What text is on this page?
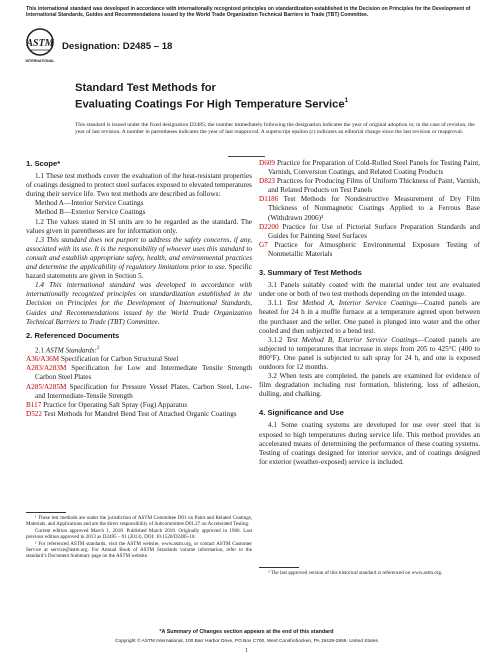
This international standard was developed in accordance with internationally recognized principles on standardization established in the Decision on Principles for the Development of International Standards, Guides and Recommendations issued by the World Trade Organization Technical Barriers to Trade (TBT) Committee.
ASTM
INTERNATIONAL
Designation: D2485 – 18
Standard Test Methods for
Evaluating Coatings For High Temperature Service$^1$
This standard is issued under the fixed designation D2485; the number immediately following the designation indicates the year of original adoption or, in the case of revision, the year of last revision. A number in parentheses indicates the year of last reapproval. A superscript epsilon (ε) indicates an editorial change since the last revision or reapproval.
1. Scope*

1.1 These test methods cover the evaluation of the heat-resistant properties of coatings designed to protect steel surfaces exposed to elevated temperatures during their service life. Two test methods are described as follows:

Method A—Interior Service Coatings

Method B—Exterior Service Coatings

1.2 The values stated in SI units are to be regarded as the standard. The values given in parentheses are for information only.

1.3 This standard does not purport to address the safety concerns, if any, associated with its use. It is the responsibility of whoever uses this standard to consult and establish appropriate safety, health, and environmental practices and determine the applicability of regulatory limitations prior to use. Specific hazard statements are given in Section 5.

1.4 This international standard was developed in accordance with internationally recognized principles on standardization established in the Decision on Principles for the Development of International Standards, Guides and Recommendations issued by the World Trade Organization Technical Barriers to Trade (TBT) Committee.

2. Referenced Documents

2.1 ASTM Standards:$^2$

A36/A36M Specification for Carbon Structural Steel

A283/A283M Specification for Low and Intermediate Tensile Strength Carbon Steel Plates

A285/A285M Specification for Pressure Vessel Plates, Carbon Steel, Low- and Intermediate-Tensile Strength

B117 Practice for Operating Salt Spray (Fog) Apparatus

D522 Test Methods for Mandrel Bend Test of Attached Organic Coatings

¹ These test methods are under the jurisdiction of ASTM Committee D01 on Paint and Related Coatings, Materials, and Applications and are the direct responsibility of Subcommittee D01.27 on Accelerated Testing.

Current edition approved March 1, 2018. Published March 2018. Originally approved in 1966. Last previous edition approved in 2013 as D2485 – 91 (2013). DOI: 10.1520/D2485-18.

² For referenced ASTM standards, visit the ASTM website, www.astm.org, or contact ASTM Customer Service at service@astm.org. For Annual Book of ASTM Standards volume information, refer to the standard’s Document Summary page on the ASTM website.

D609 Practice for Preparation of Cold-Rolled Steel Panels for Testing Paint, Varnish, Conversion Coatings, and Related Coating Products

D823 Practices for Producing Films of Uniform Thickness of Paint, Varnish, and Related Products on Test Panels

D1186 Test Methods for Nondestructive Measurement of Dry Film Thickness of Nonmagnetic Coatings Applied to a Ferrous Base (Withdrawn 2006)³

D2200 Practice for Use of Pictorial Surface Preparation Standards and Guides for Painting Steel Surfaces

G7 Practice for Atmospheric Environmental Exposure Testing of Nonmetallic Materials

3. Summary of Test Methods

3.1 Panels suitably coated with the material under test are evaluated under one or both of two test methods depending on the intended usage.

3.1.1 Test Method A, Interior Service Coatings—Coated panels are heated for 24 h in a muffle furnace at a temperature agreed upon between the purchaser and the seller. One panel is plunged into water and the other cooled and then subjected to a bend test.

3.1.2 Test Method B, Exterior Service Coatings—Coated panels are subjected to temperatures that increase in steps from 205 to 425°C (400 to 800°F). One panel is subjected to salt spray for 24 h, and one is exposed outdoors for 12 months.

3.2 When tests are completed, the panels are examined for evidence of film degradation including rust formation, blistering, loss of adhesion, dulling, and chalking.

4. Significance and Use

4.1 Some coating systems are developed for use over steel that is exposed to high temperatures during service life. This method provides an accelerated means of determining the performance of these coating systems. Testing of coatings designed for interior service, and of coatings designed for exterior (weather-exposed) service is included.

³ The last approved version of this historical standard is referenced on www.astm.org.

*A Summary of Changes section appears at the end of this standard
Copyright © ASTM International, 100 Barr Harbor Drive, PO Box C700, West Conshohocken, PA 19428-2959. United States
1
